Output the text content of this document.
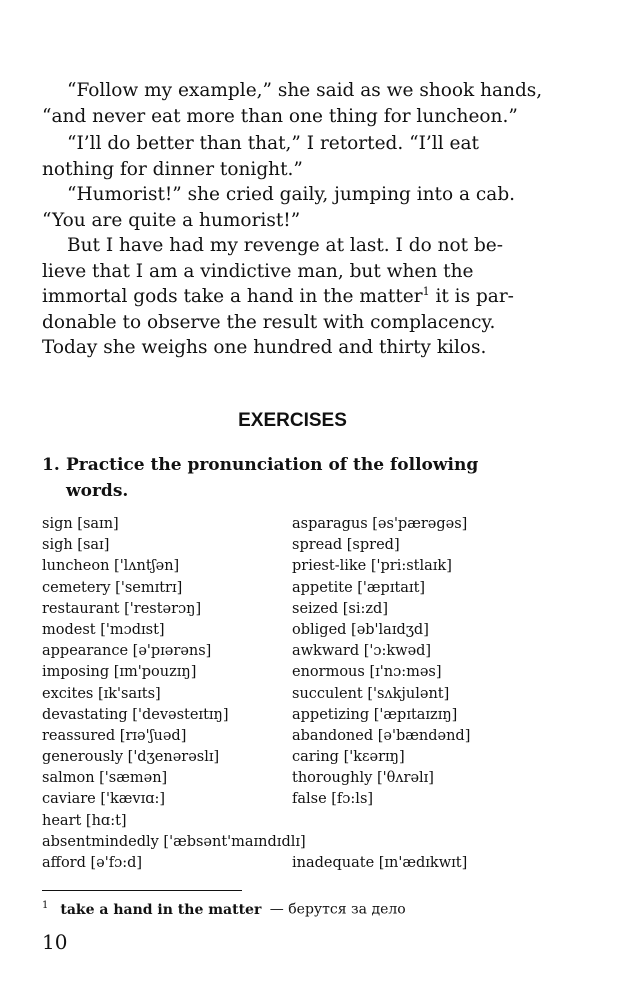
“Follow my example,” she said as we shook hands,
“and never eat more than one thing for luncheon.”

“I’ll do better than that,” I retorted. “I’ll eat
nothing for dinner tonight.”

“Humorist!” she cried gaily, jumping into a cab.
“You are quite a humorist!”

But I have had my revenge at last. I do not be-
lieve that I am a vindictive man, but when the
immortal gods take a hand in the matter$^1$ it is par-
donable to observe the result with complacency.
Today she weighs one hundred and thirty kilos.

EXERCISES
1. Practice the pronunciation of the following
words.
sign [saɪn]
sigh [saɪ]
luncheon ['lʌntʃən]
cemetery ['semɪtrɪ]
restaurant ['restərɔŋ]
modest ['mɔdɪst]
appearance [ə'pɪərəns]
imposing [ɪm'pouzɪŋ]
excites [ɪk'saɪts]
devastating ['devəsteɪtɪŋ]
reassured [rɪə'ʃuəd]
generously ['dʒenərəslɪ]
salmon ['sæmən]
caviare ['kævɪɑ:]
heart [hɑ:t]
absentmindedly ['æbsənt'maɪndɪdlɪ]
afford [ə'fɔ:d]
asparagus [əs'pærəgəs]
spread [spred]
priest-like ['pri:stlaɪk]
appetite ['æpɪtaɪt]
seized [si:zd]
obliged [əb'laɪdʒd]
awkward ['ɔ:kwəd]
enormous [ɪ'nɔ:məs]
succulent ['sʌkjulənt]
appetizing ['æpɪtaɪzɪŋ]
abandoned [ə'bændənd]
caring ['kɛərɪŋ]
thoroughly ['θʌrəlɪ]
false [fɔ:ls]
inadequate [ɪn'ædɪkwɪt]
$^1$ take a hand in the matter — берутся за дело
10
